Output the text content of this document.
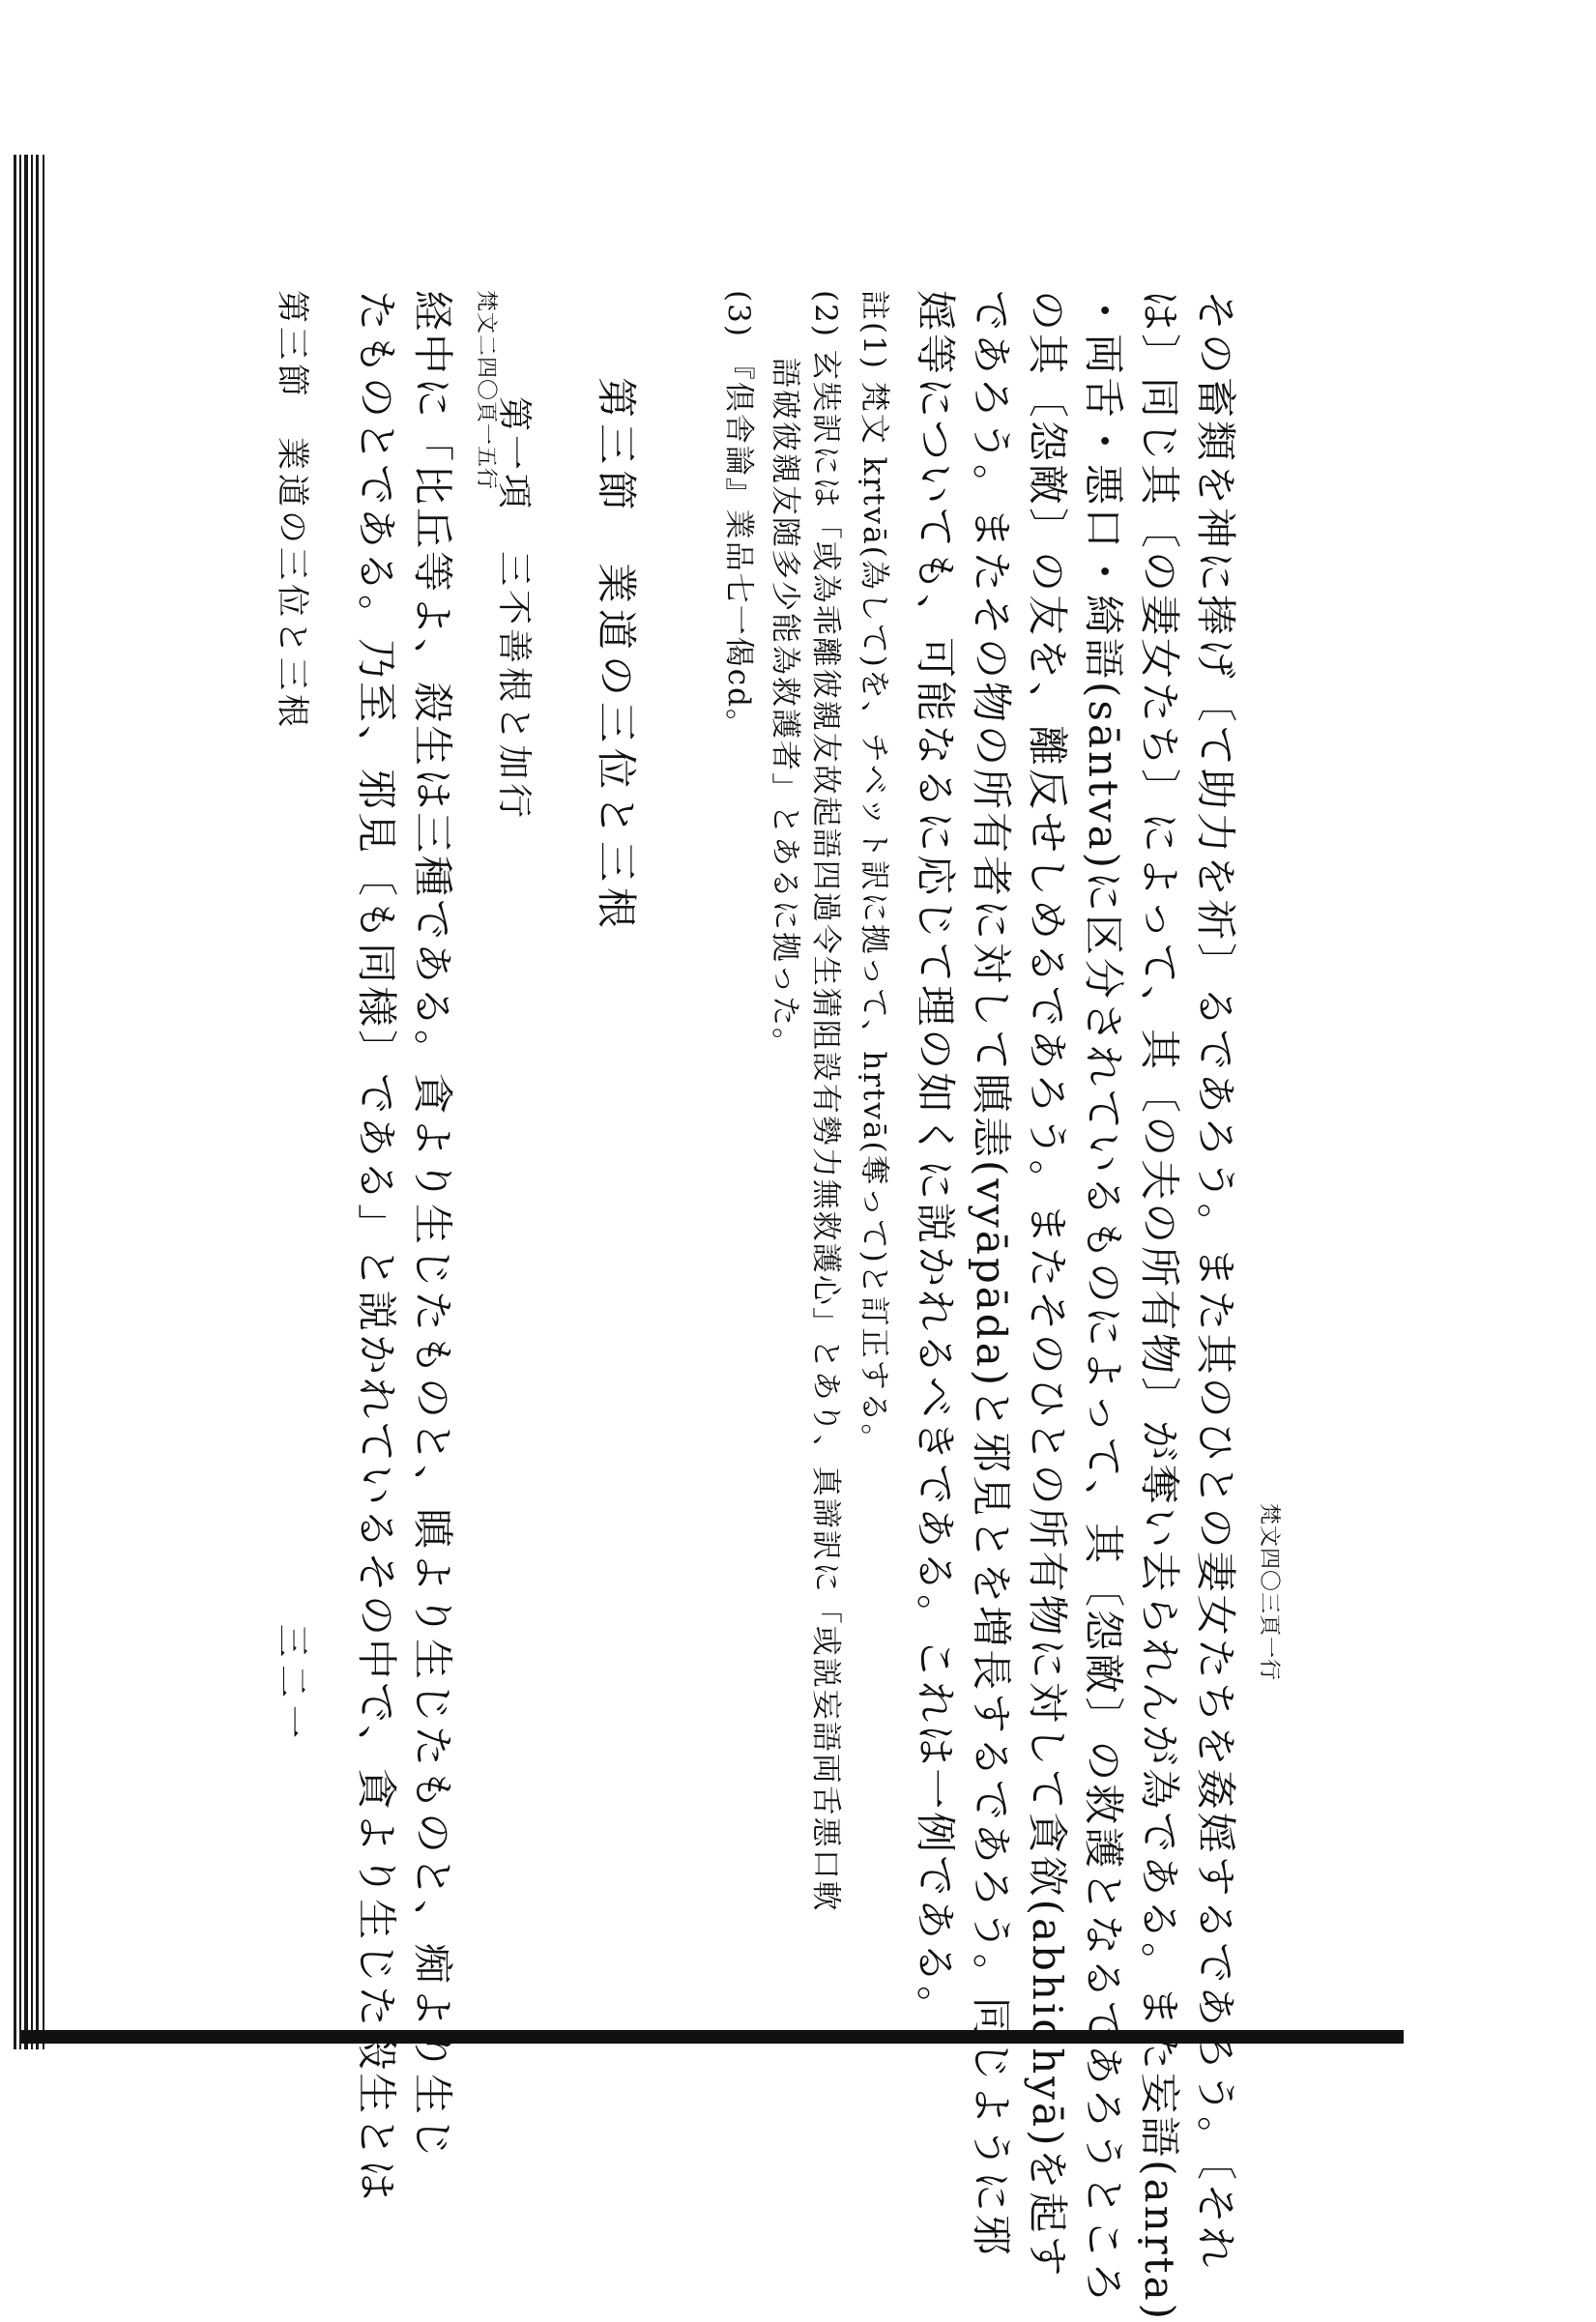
その畜類を神に捧げ〔て助力を祈〕るであろう。また其のひとの妻女たちを姦婬するであろう。〔それ
は〕同じ其〔の妻女たち〕によって、其〔の夫の所有物〕が奪い去られんが為である。また妄語(anṛta)
・両舌・悪口・綺語(sāntva)に区分されているものによって、其〔怨敵〕の救護となるであろうところ
の其〔怨敵〕の友を、離反せしめるであろう。またそのひとの所有物に対して貪欲(abhidhyā)を起す
であろう。またその物の所有者に対して瞋恚(vyāpāda)と邪見とを増長するであろう。同じように邪
婬等についても、可能なるに応じて理の如くに説かれるべきである。これは一例である。
註(1) 梵文 kṛtvā(為して)を、チベット訳に拠って、hṛtvā(奪って)と訂正する。
(2) 玄奘訳には「或為乖離彼親友故起語四過令生猜阻設有勢力無救護心」とあり、真諦訳に「或説妄語両舌悪口軟
語破彼親友随多少能為救護者」とあるに拠った。
(3) 『倶舎論』業品七一偈cd。
第三節　業道の三位と三根
第一項　三不善根と加行
経中に「比丘等よ、殺生は三種である。貪より生じたものと、瞋より生じたものと、痴より生じ
たものとである。乃至、邪見〔も同様〕である」と説かれているその中で、貪より生じた殺生とは
第三節　業道の三位と三根
三二一
梵文四〇三頁一行
梵文二四〇頁一五行
